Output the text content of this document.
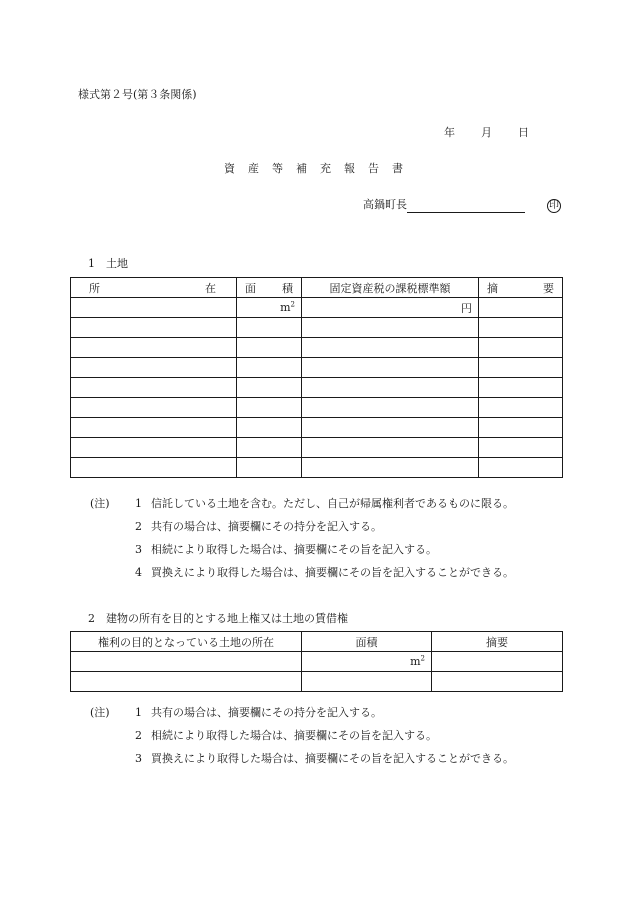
様式第２号(第３条関係)
年 月 日
資産等補充報告書
高鍋町長	印
1　土地
所 在	面 積	固定資産税の課税標準額	摘 要

	$m^2$	円	

(注)	1 信託している土地を含む。ただし、自己が帰属権利者であるものに限る。
2 共有の場合は、摘要欄にその持分を記入する。
3 相続により取得した場合は、摘要欄にその旨を記入する。
4 買換えにより取得した場合は、摘要欄にその旨を記入することができる。
2　建物の所有を目的とする地上権又は土地の賃借権
権利の目的となっている土地の所在	面積	摘要
	$m^2$	

(注)	1 共有の場合は、摘要欄にその持分を記入する。
2 相続により取得した場合は、摘要欄にその旨を記入する。
3 買換えにより取得した場合は、摘要欄にその旨を記入することができる。
